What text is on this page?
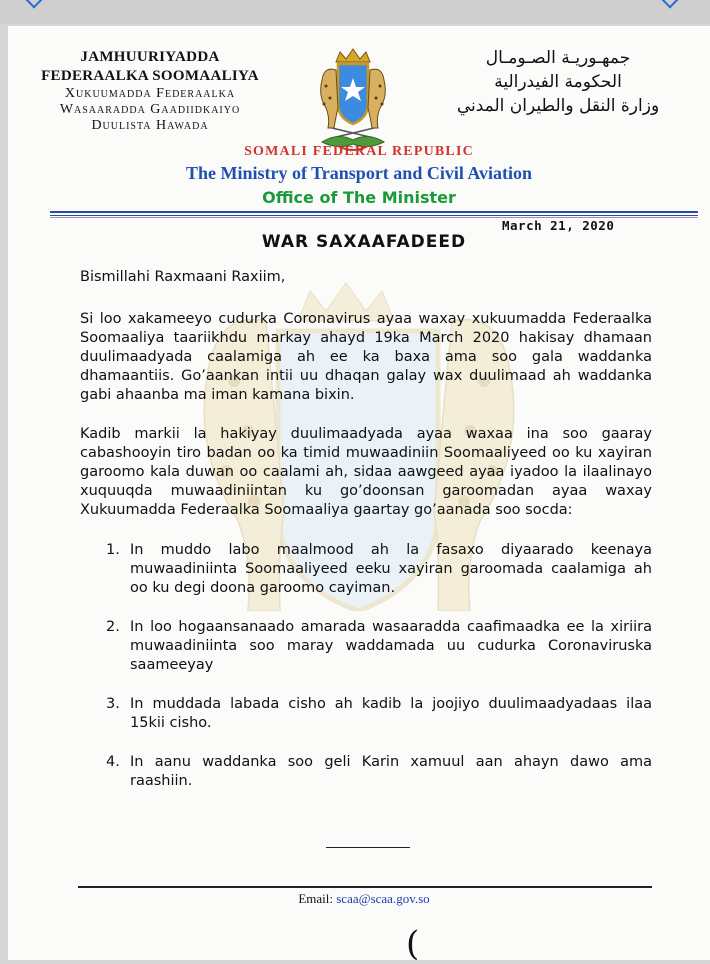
JAMHUURIYADDA
FEDERAALKA SOOMAALIYA
Xukuumadda Federaalka
Wasaaradda Gaadiidkaiyo
Duulista Hawada
ﺟﻤﻬـﻮﺭﻳـﺔ ﺍﻟﺼـﻮﻣـﺎﻝ
ﺍﻟﺤﻜﻮﻣﺔ ﺍﻟﻔﻴﺪﺭﺍﻟﻴﺔ
ﻭﺯﺍﺭﺓ ﺍﻟﻨﻘﻞ ﻭﺍﻟﻄﻴﺮﺍﻥ ﺍﻟﻤﺪﻧﻲ
SOMALI FEDERAL REPUBLIC
The Ministry of Transport and Civil Aviation
Office of The Minister
March 21, 2020
WAR SAXAAFADEED

Bismillahi Raxmaani Raxiim,

Si loo xakameeyo cudurka Coronavirus ayaa waxay xukuumadda Federaalka Soomaaliya taariikhdu markay ahayd 19ka March 2020 hakisay dhamaan duulimaadyada caalamiga ah ee ka baxa ama soo gala waddanka dhamaantiis. Go’aankan intii uu dhaqan galay wax duulimaad ah waddanka gabi ahaanba ma iman kamana bixin.

Kadib markii la hakiyay duulimaadyada ayaa waxaa ina soo gaaray cabashooyin tiro badan oo ka timid muwaadiniin Soomaaliyeed oo ku xayiran garoomo kala duwan oo caalami ah, sidaa aawgeed ayaa iyadoo la ilaalinayo xuquuqda muwaadiniintan ku go’doonsan garoomadan ayaa waxay Xukuumadda Federaalka Soomaaliya gaartay go’aanada soo socda:

1. In muddo labo maalmood ah la fasaxo diyaarado keenaya muwaadiniinta Soomaaliyeed eeku xayiran garoomada caalamiga ah oo ku degi doona garoomo cayiman.
2. In loo hogaansanaado amarada wasaaradda caafimaadka ee la xiriira muwaadiniinta soo maray waddamada uu cudurka Coronaviruska saameeyay
3. In muddada labada cisho ah kadib la joojiyo duulimaadyadaas ilaa 15kii cisho.
4. In aanu waddanka soo geli Karin xamuul aan ahayn dawo ama raashiin.
Email: scaa@scaa.gov.so
(
